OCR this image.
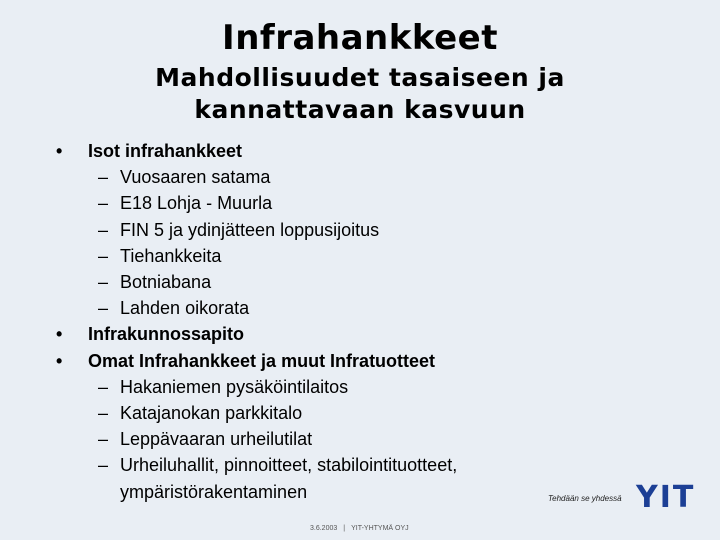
Infrahankkeet
Mahdollisuudet tasaiseen ja
kannattavaan kasvuun
• Isot infrahankkeet
– Vuosaaren satama
– E18 Lohja - Muurla
– FIN 5 ja ydinjätteen loppusijoitus
– Tiehankkeita
– Botniabana
– Lahden oikorata
• Infrakunnossapito
• Omat Infrahankkeet ja muut Infratuotteet
– Hakaniemen pysäköintilaitos
– Katajanokan parkkitalo
– Leppävaaran urheilutilat
– Urheiluhallit, pinnoitteet, stabilointituotteet, ympäristörakentaminen
3.6.2003 | YIT-YHTYMÄ OYJ
Tehdään se yhdessä YIT
